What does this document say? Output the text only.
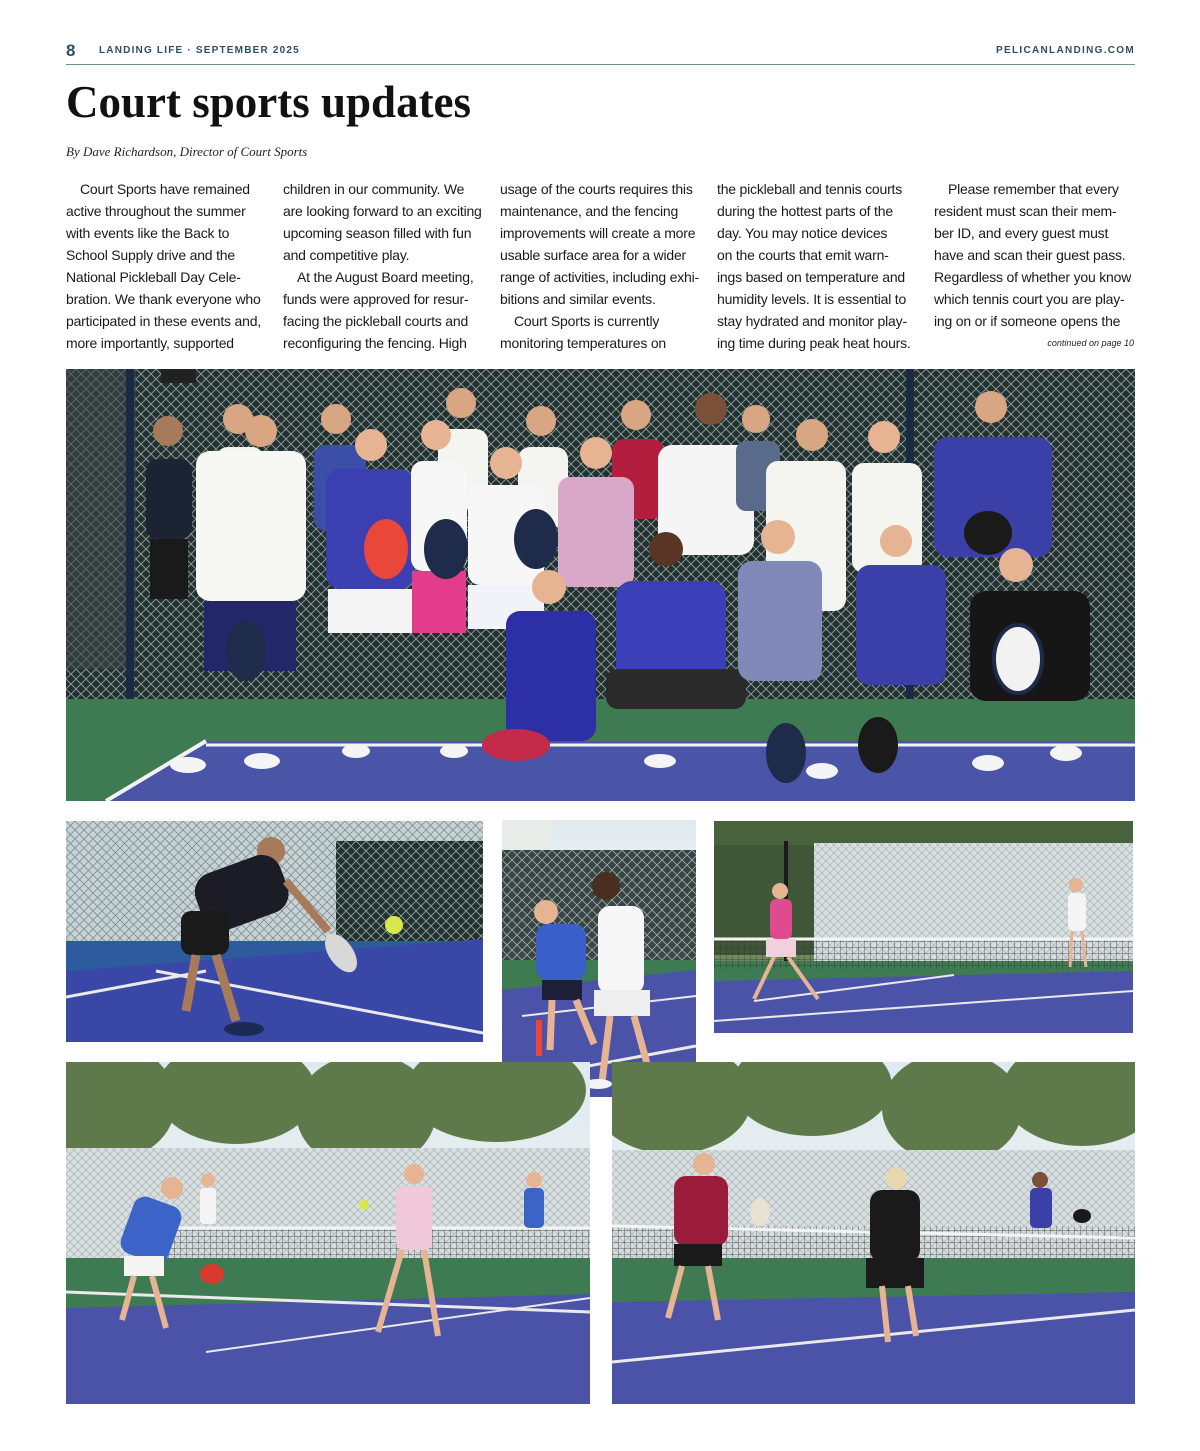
8 LANDING LIFE · SEPTEMBER 2025	PELICANLANDING.COM
Court sports updates
By Dave Richardson, Director of Court Sports
Court Sports have remained
active throughout the summer
with events like the Back to
School Supply drive and the
National Pickleball Day Cele-
bration. We thank everyone who
participated in these events and,
more importantly, supported
children in our community. We
are looking forward to an exciting
upcoming season filled with fun
and competitive play.
At the August Board meeting,
funds were approved for resur-
facing the pickleball courts and
reconfiguring the fencing. High
usage of the courts requires this
maintenance, and the fencing
improvements will create a more
usable surface area for a wider
range of activities, including exhi-
bitions and similar events.
Court Sports is currently
monitoring temperatures on
the pickleball and tennis courts
during the hottest parts of the
day. You may notice devices
on the courts that emit warn-
ings based on temperature and
humidity levels. It is essential to
stay hydrated and monitor play-
ing time during peak heat hours.
Please remember that every
resident must scan their mem-
ber ID, and every guest must
have and scan their guest pass.
Regardless of whether you know
which tennis court you are play-
ing on or if someone opens the
continued on page 10
